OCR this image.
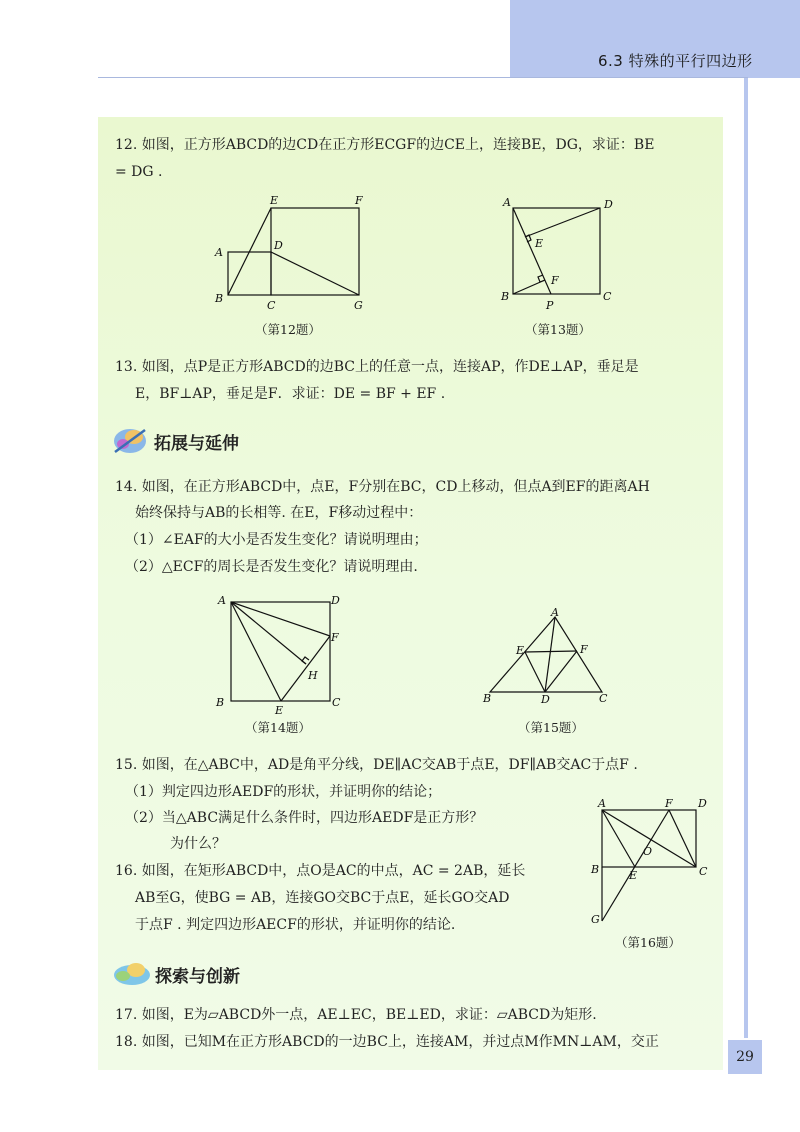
6.3 特殊的平行四边形
12. 如图，正方形ABCD的边CD在正方形ECGF的边CE上，连接BE，DG，求证：BE
= DG .
E	F
A
D
B
C	G
（第12题）
A	D
E
F
B
P
C
（第13题）
13. 如图，点P是正方形ABCD的边BC上的任意一点，连接AP，作DE⊥AP，垂足是
E，BF⊥AP，垂足是F．求证：DE = BF + EF .
拓展与延伸
14. 如图，在正方形ABCD中，点E，F分别在BC，CD上移动，但点A到EF的距离AH
始终保持与AB的长相等. 在E，F移动过程中：
（1）∠EAF的大小是否发生变化？请说明理由；
（2）△ECF的周长是否发生变化？请说明理由.
A	D
F
H
B
E
C
（第14题）
A
E	F
B	D	C
（第15题）
15. 如图，在△ABC中，AD是角平分线，DE∥AC交AB于点E，DF∥AB交AC于点F .
（1）判定四边形AEDF的形状，并证明你的结论；
（2）当△ABC满足什么条件时，四边形AEDF是正方形？
为什么？
16. 如图，在矩形ABCD中，点O是AC的中点，AC = 2AB，延长
AB至G，使BG = AB，连接GO交BC于点E，延长GO交AD
于点F . 判定四边形AECF的形状，并证明你的结论.
A	F D
O
B	E	C
G
（第16题）
探索与创新
17. 如图，E为▱ABCD外一点，AE⊥EC，BE⊥ED，求证：▱ABCD为矩形.
18. 如图，已知M在正方形ABCD的一边BC上，连接AM，并过点M作MN⊥AM，交正
29
